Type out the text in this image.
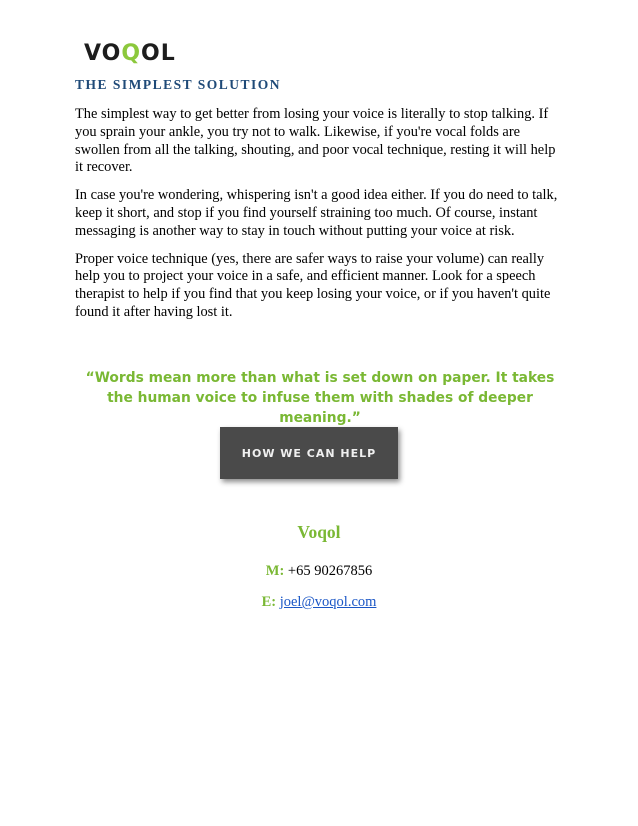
VO Q OL
THE SIMPLEST SOLUTION

The simplest way to get better from losing your voice is literally to stop talking. If you sprain your ankle, you try not to walk. Likewise, if you're vocal folds are swollen from all the talking, shouting, and poor vocal technique, resting it will help it recover.

In case you're wondering, whispering isn't a good idea either. If you do need to talk, keep it short, and stop if you find yourself straining too much. Of course, instant messaging is another way to stay in touch without putting your voice at risk.

Proper voice technique (yes, there are safer ways to raise your volume) can really help you to project your voice in a safe, and efficient manner. Look for a speech therapist to help if you find that you keep losing your voice, or if you haven't quite found it after having lost it.

“Words mean more than what is set down on paper. It takes the human voice to infuse them with shades of deeper meaning.”

HOW WE CAN HELP
Voqol
M: +65 90267856
E: joel@voqol.com
